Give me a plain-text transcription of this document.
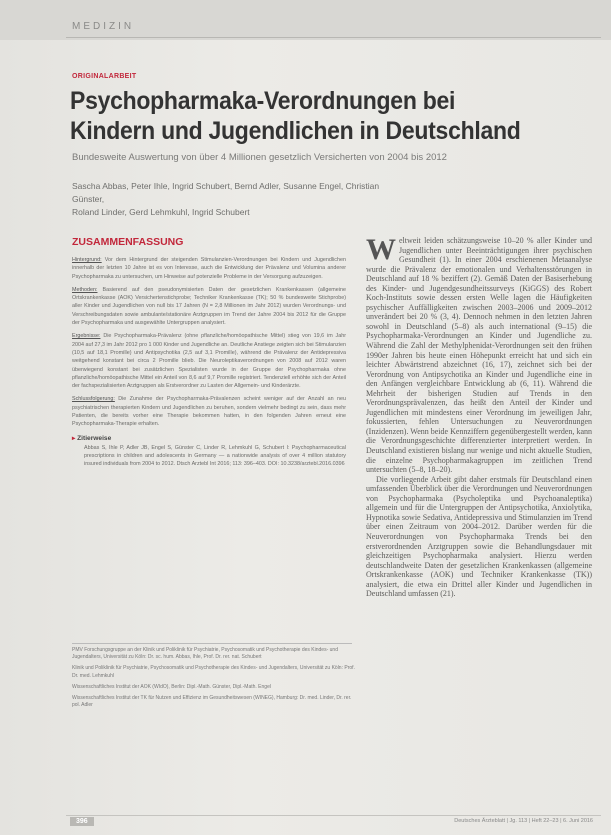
MEDIZIN
ORIGINALARBEIT
Psychopharmaka-Verordnungen bei
Kindern und Jugendlichen in Deutschland
Bundesweite Auswertung von über 4 Millionen gesetzlich Versicherten von 2004 bis 2012
Sascha Abbas, Peter Ihle, Ingrid Schubert, Bernd Adler, Susanne Engel, Christian Günster,
Roland Linder, Gerd Lehmkuhl, Ingrid Schubert
ZUSAMMENFASSUNG

Hintergrund: Vor dem Hintergrund der steigenden Stimulanzien-Verordnungen bei Kindern und Jugendlichen innerhalb der letzten 10 Jahre ist es von Interesse, auch die Entwicklung der Prävalenz und Volumina anderer Psychopharmaka zu untersuchen, um Hinweise auf potenzielle Probleme in der Versorgung aufzuzeigen.

Methoden: Basierend auf den pseudonymisierten Daten der gesetzlichen Krankenkassen (allgemeine Ortskrankenkasse (AOK) Versichertenstichprobe; Techniker Krankenkasse (TK); 50 % bundesweite Stichprobe) aller Kinder und Jugendlichen von null bis 17 Jahren (N = 2,8 Millionen im Jahr 2012) wurden Verordnungs- und Verschreibungsdaten sowie ambulante/stationäre Arztgruppen im Trend der Jahre 2004 bis 2012 für die Gruppe der Psychopharmaka und ausgewählte Untergruppen analysiert.

Ergebnisse: Die Psychopharmaka-Prävalenz (ohne pflanzliche/homöopathische Mittel) stieg von 19,6 im Jahr 2004 auf 27,3 im Jahr 2012 pro 1 000 Kinder und Jugendliche an. Deutliche Anstiege zeigten sich bei Stimulanzien (10,5 auf 18,1 Promille) und Antipsychotika (2,5 auf 3,1 Promille), während die Prävalenz der Antidepressiva weitgehend konstant bei circa 2 Promille blieb. Die Neuroleptikaverordnungen von 2008 auf 2012 waren überwiegend konstant bei zusätzlichen Spezialisten wurde in der Gruppe der Psychopharmaka ohne pflanzliche/homöopathische Mittel ein Anteil von 8,6 auf 9,7 Promille registriert. Tendenziell erhöhte sich der Anteil der fachspezialisierten Arztgruppen als Erstverordner zu Lasten der Allgemein- und Kinderärzte.

Schlussfolgerung: Die Zunahme der Psychopharmaka-Prävalenzen scheint weniger auf der Anzahl an neu psychiatrischen therapierten Kindern und Jugendlichen zu beruhen, sondern vielmehr bedingt zu sein, dass mehr Patienten, die bereits vorher eine Therapie bekommen hatten, in den folgenden Jahren erneut eine Psychopharmaka-Therapie erhalten.

▸ Zitierweise
Abbas S, Ihle P, Adler JB, Engel S, Günster C, Linder R, Lehmkuhl G, Schubert I: Psychopharmaceutical prescriptions in children and adolescents in Germany — a nationwide analysis of over 4 million statutory insured individuals from 2004 to 2012. Dtsch Arztebl Int 2016; 113: 396–403. DOI: 10.3238/arztebl.2016.0396

PMV Forschungsgruppe an der Klinik und Poliklinik für Psychiatrie, Psychosomatik und Psychotherapie des Kindes- und Jugendalters, Universität zu Köln: Dr. sc. hum. Abbas, Ihle, Prof. Dr. rer. nat. Schubert

Klinik und Poliklinik für Psychiatrie, Psychosomatik und Psychotherapie des Kindes- und Jugendalters, Universität zu Köln: Prof. Dr. med. Lehmkuhl

Wissenschaftliches Institut der AOK (WIdO), Berlin: Dipl.-Math. Günster, Dipl.-Math. Engel

Wissenschaftliches Institut der TK für Nutzen und Effizienz im Gesundheitswesen (WINEG), Hamburg: Dr. med. Linder, Dr. rer. pol. Adler

Weltweit leiden schätzungsweise 10–20 % aller Kinder und Jugendlichen unter Beeinträchtigungen ihrer psychischen Gesundheit (1). In einer 2004 erschienenen Metaanalyse wurde die Prävalenz der emotionalen und Verhaltensstörungen in Deutschland auf 18 % beziffert (2). Gemäß Daten der Basiserhebung des Kinder- und Jugendgesundheitssurveys (KiGGS) des Robert Koch-Instituts sowie dessen ersten Welle lagen die Häufigkeiten psychischer Auffälligkeiten zwischen 2003–2006 und 2009–2012 unverändert bei 20 % (3, 4). Dennoch nehmen in den letzten Jahren sowohl in Deutschland (5–8) als auch international (9–15) die Psychopharmaka-Verordnungen an Kinder und Jugendliche zu. Während die Zahl der Methylphenidat-Verordnungen seit den frühen 1990er Jahren bis heute einen Höhepunkt erreicht hat und sich ein leichter Abwärtstrend abzeichnet (16, 17), zeichnet sich bei der Verordnung von Antipsychotika an Kinder und Jugendliche eine in den Anfängen vergleichbare Entwicklung ab (6, 11). Während die Mehrheit der bisherigen Studien auf Trends in den Verordnungsprävalenzen, das heißt den Anteil der Kinder und Jugendlichen mit mindestens einer Verordnung im jeweiligen Jahr, fokussierten, fehlen Untersuchungen zu Neuverordnungen (Inzidenzen). Wenn beide Kennziffern gegenübergestellt werden, kann die Verordnungsgeschichte differenzierter interpretiert werden. In Deutschland existieren bislang nur wenige und nicht aktuelle Studien, die einzelne Psychopharmakagruppen im zeitlichen Trend untersuchten (5–8, 18–20).

Die vorliegende Arbeit gibt daher erstmals für Deutschland einen umfassenden Überblick über die Verordnungen und Neuverordnungen von Psychopharmaka (Psycholeptika und Psychoanaleptika) allgemein und für die Untergruppen der Antipsychotika, Anxiolytika, Hypnotika sowie Sedativa, Antidepressiva und Stimulanzien im Trend über einen Zeitraum von 2004–2012. Darüber werden für die Neuverordnungen von Psychopharmaka Trends bei den erstverordnenden Arztgruppen sowie die Behandlungsdauer mit gleichzeitigen Psychopharmaka analysiert. Hierzu werden deutschlandweite Daten der gesetzlichen Krankenkassen (allgemeine Ortskrankenkasse (AOK) und Techniker Krankenkasse (TK)) analysiert, die etwa ein Drittel aller Kinder und Jugendlichen in Deutschland umfassen (21).

396	Deutsches Ärzteblatt | Jg. 113 | Heft 22–23 | 6. Juni 2016
